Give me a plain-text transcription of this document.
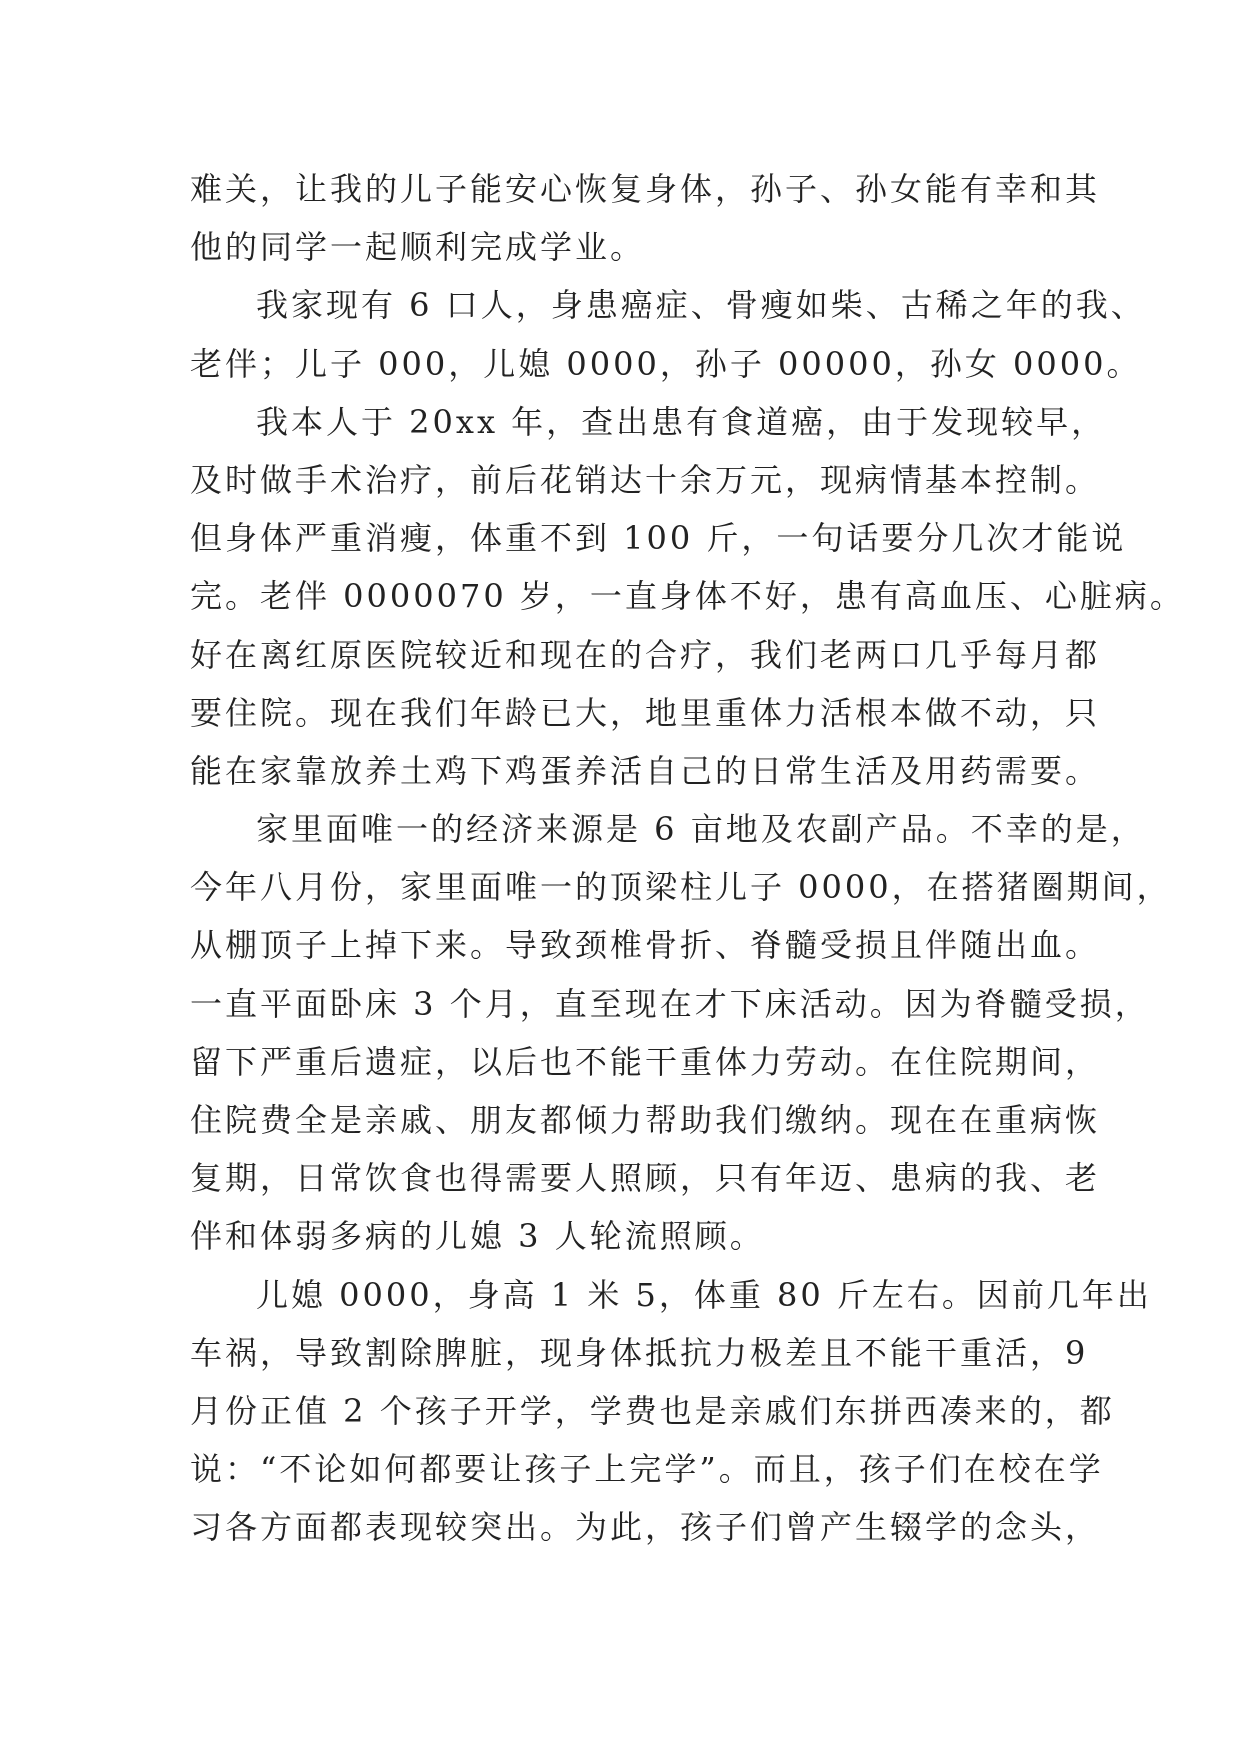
难关，让我的儿子能安心恢复身体，孙子、孙女能有幸和其
他的同学一起顺利完成学业。
我家现有 6 口人，身患癌症、骨瘦如柴、古稀之年的我、
老伴；儿子 000，儿媳 0000，孙子 00000，孙女 0000。
我本人于 20xx 年，查出患有食道癌，由于发现较早，
及时做手术治疗，前后花销达十余万元，现病情基本控制。
但身体严重消瘦，体重不到 100 斤，一句话要分几次才能说
完。老伴 0000070 岁，一直身体不好，患有高血压、心脏病。
好在离红原医院较近和现在的合疗，我们老两口几乎每月都
要住院。现在我们年龄已大，地里重体力活根本做不动，只
能在家靠放养土鸡下鸡蛋养活自己的日常生活及用药需要。
家里面唯一的经济来源是 6 亩地及农副产品。不幸的是，
今年八月份，家里面唯一的顶梁柱儿子 0000，在搭猪圈期间，
从棚顶子上掉下来。导致颈椎骨折、脊髓受损且伴随出血。
一直平面卧床 3 个月，直至现在才下床活动。因为脊髓受损，
留下严重后遗症，以后也不能干重体力劳动。在住院期间，
住院费全是亲戚、朋友都倾力帮助我们缴纳。现在在重病恢
复期，日常饮食也得需要人照顾，只有年迈、患病的我、老
伴和体弱多病的儿媳 3 人轮流照顾。
儿媳 0000，身高 1 米 5，体重 80 斤左右。因前几年出
车祸，导致割除脾脏，现身体抵抗力极差且不能干重活，9
月份正值 2 个孩子开学，学费也是亲戚们东拼西凑来的，都
说：“不论如何都要让孩子上完学”。而且，孩子们在校在学
习各方面都表现较突出。为此，孩子们曾产生辍学的念头，
